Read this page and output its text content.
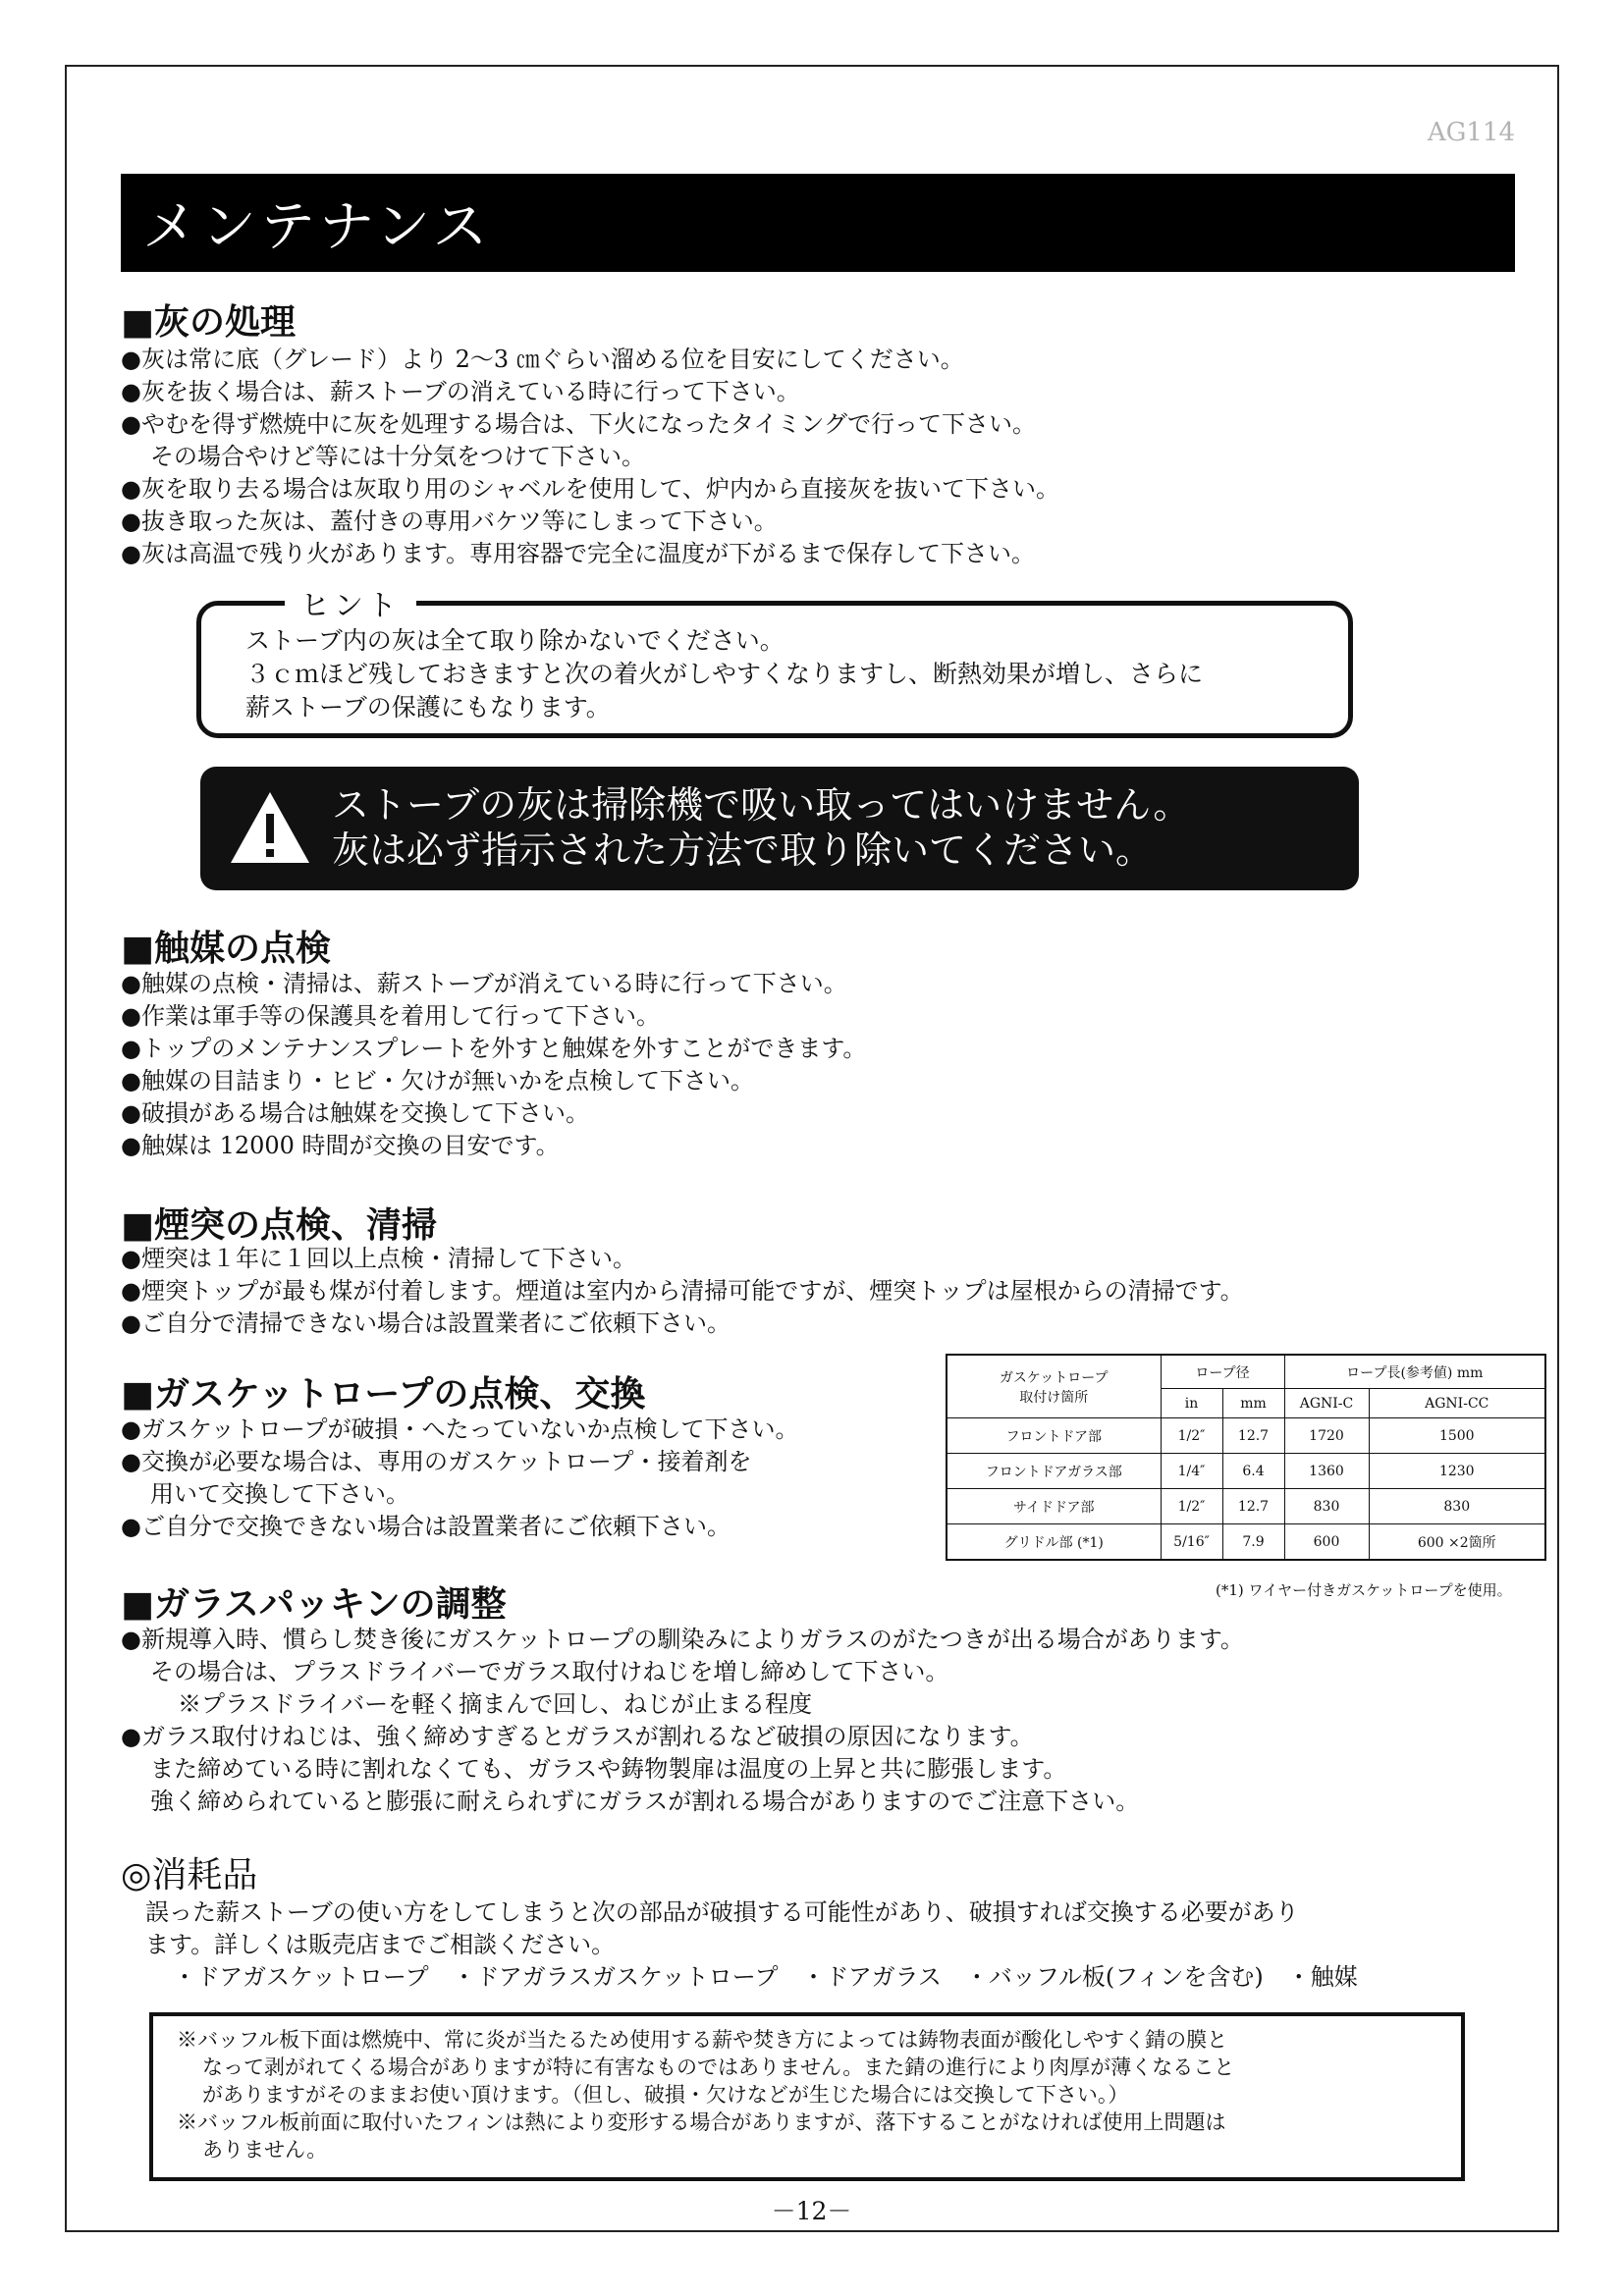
AG114
メンテナンス
■灰の処理
●灰は常に底（グレード）より 2〜3 ㎝ぐらい溜める位を目安にしてください。
●灰を抜く場合は、薪ストーブの消えている時に行って下さい。
●やむを得ず燃焼中に灰を処理する場合は、下火になったタイミングで行って下さい。
その場合やけど等には十分気をつけて下さい。
●灰を取り去る場合は灰取り用のシャベルを使用して、炉内から直接灰を抜いて下さい。
●抜き取った灰は、蓋付きの専用バケツ等にしまって下さい。
●灰は高温で残り火があります。専用容器で完全に温度が下がるまで保存して下さい。
ヒント
ストーブ内の灰は全て取り除かないでください。
３ｃｍほど残しておきますと次の着火がしやすくなりますし、断熱効果が増し、さらに
薪ストーブの保護にもなります。
ストーブの灰は掃除機で吸い取ってはいけません。
灰は必ず指示された方法で取り除いてください。
■触媒の点検
●触媒の点検・清掃は、薪ストーブが消えている時に行って下さい。
●作業は軍手等の保護具を着用して行って下さい。
●トップのメンテナンスプレートを外すと触媒を外すことができます。
●触媒の目詰まり・ヒビ・欠けが無いかを点検して下さい。
●破損がある場合は触媒を交換して下さい。
●触媒は 12000 時間が交換の目安です。
■煙突の点検、清掃
●煙突は１年に１回以上点検・清掃して下さい。
●煙突トップが最も煤が付着します。煙道は室内から清掃可能ですが、煙突トップは屋根からの清掃です。
●ご自分で清掃できない場合は設置業者にご依頼下さい。
■ガスケットロープの点検、交換
●ガスケットロープが破損・へたっていないか点検して下さい。
●交換が必要な場合は、専用のガスケットロープ・接着剤を
用いて交換して下さい。
●ご自分で交換できない場合は設置業者にご依頼下さい。
ガスケットロープ
取付け箇所	ロープ径		ロープ長(参考値) mm	
	in	mm	AGNI-C	AGNI-CC
フロントドア部	1/2″	12.7	1720	1500
フロントドアガラス部	1/4″	6.4	1360	1230
サイドドア部	1/2″	12.7	830	830
グリドル部 (*1)	5/16″	7.9	600	600 ×2箇所
(*1) ワイヤー付きガスケットロープを使用。
■ガラスパッキンの調整
●新規導入時、慣らし焚き後にガスケットロープの馴染みによりガラスのがたつきが出る場合があります。
その場合は、プラスドライバーでガラス取付けねじを増し締めして下さい。
※プラスドライバーを軽く摘まんで回し、ねじが止まる程度
●ガラス取付けねじは、強く締めすぎるとガラスが割れるなど破損の原因になります。
また締めている時に割れなくても、ガラスや鋳物製扉は温度の上昇と共に膨張します。
強く締められていると膨張に耐えられずにガラスが割れる場合がありますのでご注意下さい。
◎消耗品
誤った薪ストーブの使い方をしてしまうと次の部品が破損する可能性があり、破損すれば交換する必要があり
ます。詳しくは販売店までご相談ください。
・ドアガスケットロープ　・ドアガラスガスケットロープ　・ドアガラス　・バッフル板(フィンを含む)　・触媒
※バッフル板下面は燃焼中、常に炎が当たるため使用する薪や焚き方によっては鋳物表面が酸化しやすく錆の膜と
なって剥がれてくる場合がありますが特に有害なものではありません。また錆の進行により肉厚が薄くなること
がありますがそのままお使い頂けます。（但し、破損・欠けなどが生じた場合には交換して下さい。）
※バッフル板前面に取付いたフィンは熱により変形する場合がありますが、落下することがなければ使用上問題は
ありません。
－12－
